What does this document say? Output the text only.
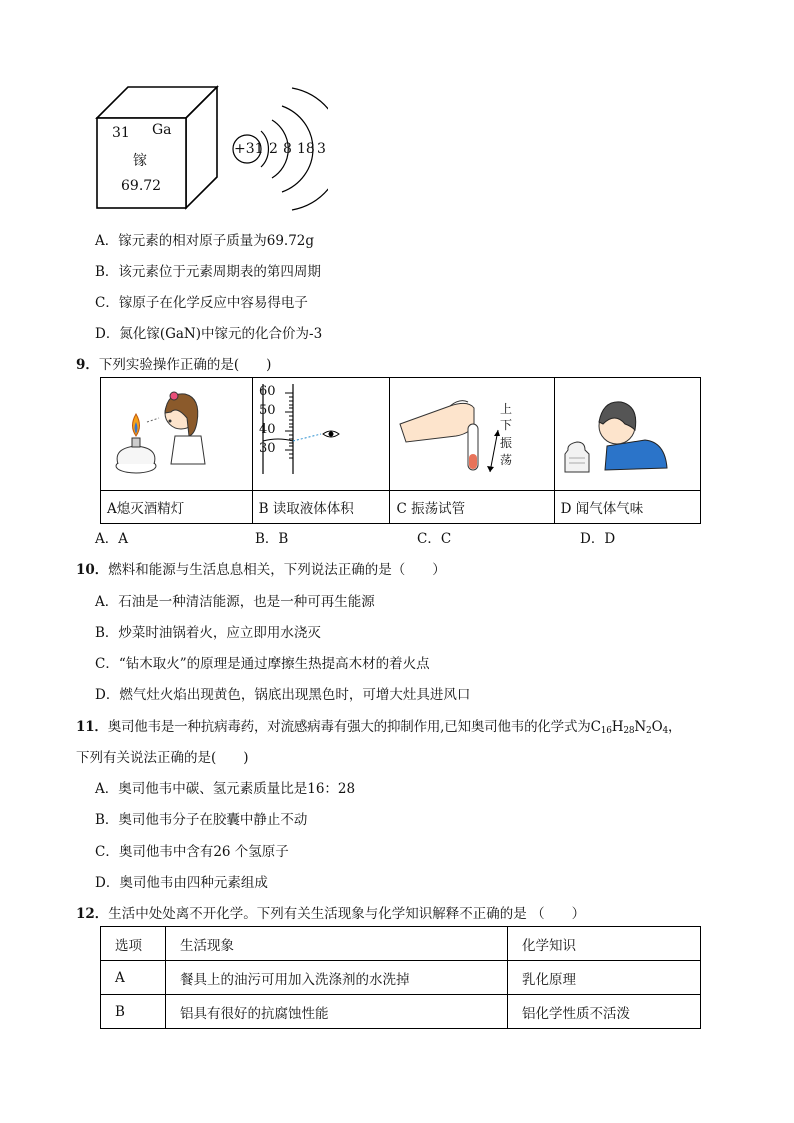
31 Ga
镓
69.72
+31 2 8 18 3
A．镓元素的相对原子质量为69.72g
B．该元素位于元素周期表的第四周期
C．镓原子在化学反应中容易得电子
D．氮化镓(GaN)中镓元的化合价为-3
9．下列实验操作正确的是(　　)

A熄灭酒精灯	B 读取液体体积	C 振荡试管	D 闻气体气味
60
50
40
30
上
下
振
荡
A．A	B．B	C．C	D．D
10．燃料和能源与生活息息相关，下列说法正确的是（　　）
A．石油是一种清洁能源，也是一种可再生能源
B．炒菜时油锅着火，应立即用水浇灭
C．“钻木取火”的原理是通过摩擦生热提高木材的着火点
D．燃气灶火焰出现黄色，锅底出现黑色时，可增大灶具进风口
11．奥司他韦是一种抗病毒药，对流感病毒有强大的抑制作用,已知奥司他韦的化学式为$C_{16}H_{28}N_2O_4$，
下列有关说法正确的是(　　)
A．奥司他韦中碳、氢元素质量比是16：28
B．奥司他韦分子在胶囊中静止不动
C．奥司他韦中含有26 个氢原子
D．奥司他韦由四种元素组成
12．生活中处处离不开化学。下列有关生活现象与化学知识解释不正确的是 （　　）
选项	生活现象	化学知识
A	餐具上的油污可用加入洗涤剂的水洗掉	乳化原理
B	铝具有很好的抗腐蚀性能	铝化学性质不活泼
